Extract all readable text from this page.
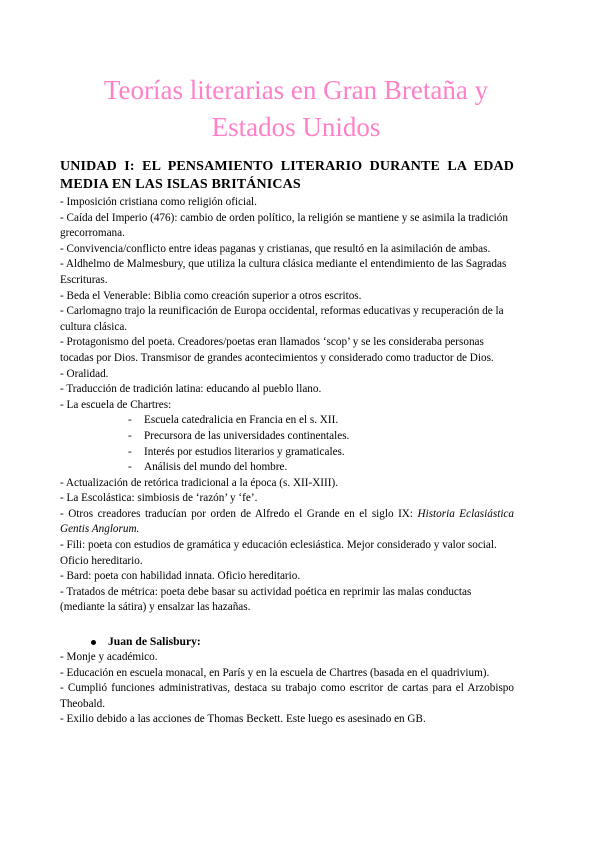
Teorías literarias en Gran Bretaña y Estados Unidos

UNIDAD I: EL PENSAMIENTO LITERARIO DURANTE LA EDAD MEDIA EN LAS ISLAS BRITÁNICAS

- Imposición cristiana como religión oficial.

- Caída del Imperio (476): cambio de orden político, la religión se mantiene y se asimila la tradición grecorromana.

- Convivencia/conflicto entre ideas paganas y cristianas, que resultó en la asimilación de ambas.

- Aldhelmo de Malmesbury, que utiliza la cultura clásica mediante el entendimiento de las Sagradas Escrituras.

- Beda el Venerable: Biblia como creación superior a otros escritos.

- Carlomagno trajo la reunificación de Europa occidental, reformas educativas y recuperación de la cultura clásica.

- Protagonismo del poeta. Creadores/poetas eran llamados ‘scop’ y se les consideraba personas tocadas por Dios. Transmisor de grandes acontecimientos y considerado como traductor de Dios.

- Oralidad.

- Traducción de tradición latina: educando al pueblo llano.

- La escuela de Chartres:

- Escuela catedralicia en Francia en el s. XII.
- Precursora de las universidades continentales.
- Interés por estudios literarios y gramaticales.
- Análisis del mundo del hombre.

- Actualización de retórica tradicional a la época (s. XII-XIII).

- La Escolástica: simbiosis de ‘razón’ y ‘fe’.

- Otros creadores traducían por orden de Alfredo el Grande en el siglo IX: Historia Eclasiástica Gentis Anglorum.

- Fili: poeta con estudios de gramática y educación eclesiástica. Mejor considerado y valor social. Oficio hereditario.

- Bard: poeta con habilidad innata. Oficio hereditario.

- Tratados de métrica: poeta debe basar su actividad poética en reprimir las malas conductas (mediante la sátira) y ensalzar las hazañas.

Juan de Salisbury:

- Monje y académico.

- Educación en escuela monacal, en París y en la escuela de Chartres (basada en el quadrivium).

- Cumplió funciones administrativas, destaca su trabajo como escritor de cartas para el Arzobispo Theobald.

- Exilio debido a las acciones de Thomas Beckett. Este luego es asesinado en GB.
